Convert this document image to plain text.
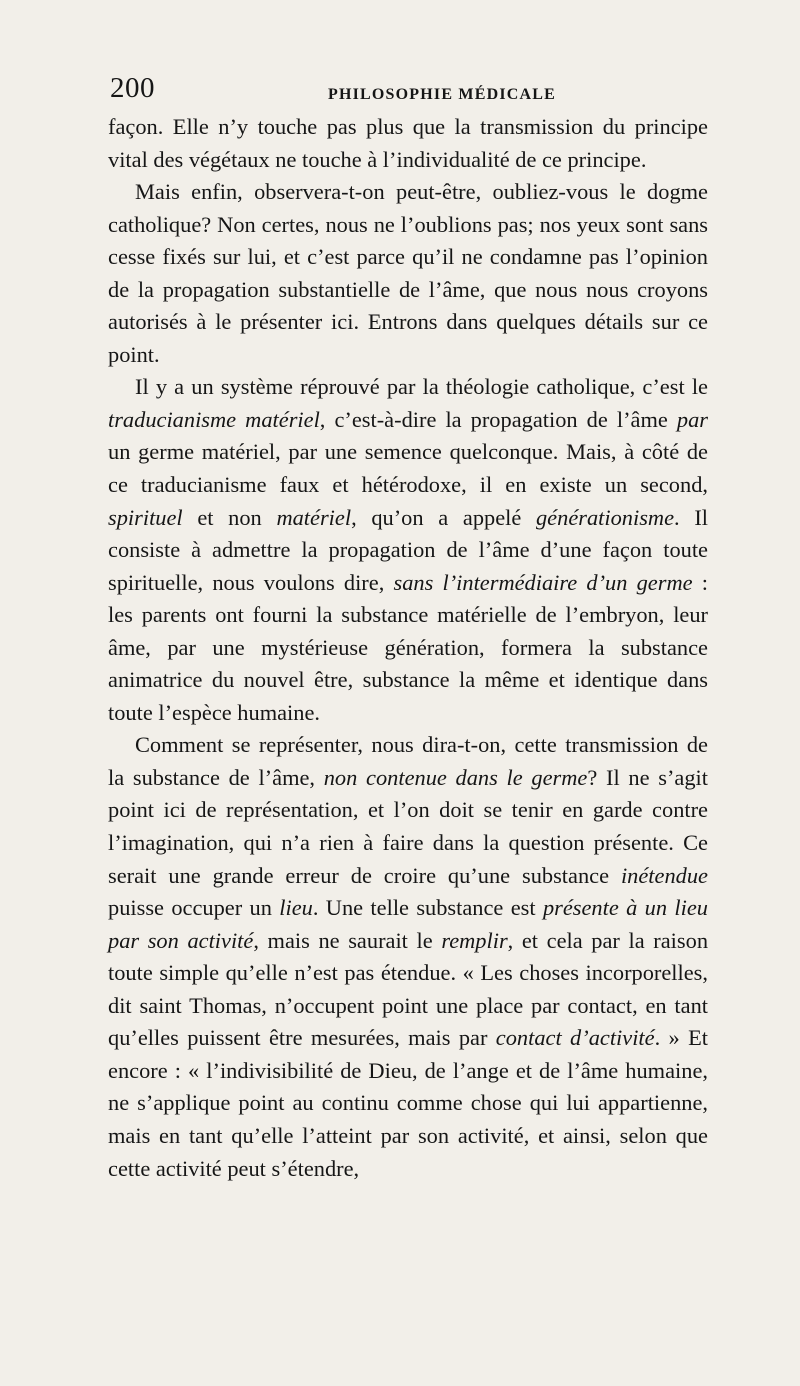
200	PHILOSOPHIE MÉDICALE

façon. Elle n’y touche pas plus que la transmission du principe vital des végétaux ne touche à l’individualité de ce principe.

Mais enfin, observera-t-on peut-être, oubliez-vous le dogme catholique? Non certes, nous ne l’oublions pas; nos yeux sont sans cesse fixés sur lui, et c’est parce qu’il ne condamne pas l’opinion de la propagation substantielle de l’âme, que nous nous croyons autorisés à le présenter ici. Entrons dans quelques détails sur ce point.

Il y a un système réprouvé par la théologie catholique, c’est le traducianisme matériel, c’est-à-dire la propagation de l’âme par un germe matériel, par une semence quelconque. Mais, à côté de ce traducianisme faux et hétérodoxe, il en existe un second, spirituel et non matériel, qu’on a appelé générationisme. Il consiste à admettre la propagation de l’âme d’une façon toute spirituelle, nous voulons dire, sans l’intermédiaire d’un germe : les parents ont fourni la substance matérielle de l’embryon, leur âme, par une mystérieuse génération, formera la substance animatrice du nouvel être, substance la même et identique dans toute l’espèce humaine.

Comment se représenter, nous dira-t-on, cette transmission de la substance de l’âme, non contenue dans le germe? Il ne s’agit point ici de représentation, et l’on doit se tenir en garde contre l’imagination, qui n’a rien à faire dans la question présente. Ce serait une grande erreur de croire qu’une substance inétendue puisse occuper un lieu. Une telle substance est présente à un lieu par son activité, mais ne saurait le remplir, et cela par la raison toute simple qu’elle n’est pas étendue. « Les choses incorporelles, dit saint Thomas, n’occupent point une place par contact, en tant qu’elles puissent être mesurées, mais par contact d’activité. » Et encore : « l’indivisibilité de Dieu, de l’ange et de l’âme humaine, ne s’applique point au continu comme chose qui lui appartienne, mais en tant qu’elle l’atteint par son activité, et ainsi, selon que cette activité peut s’étendre,
